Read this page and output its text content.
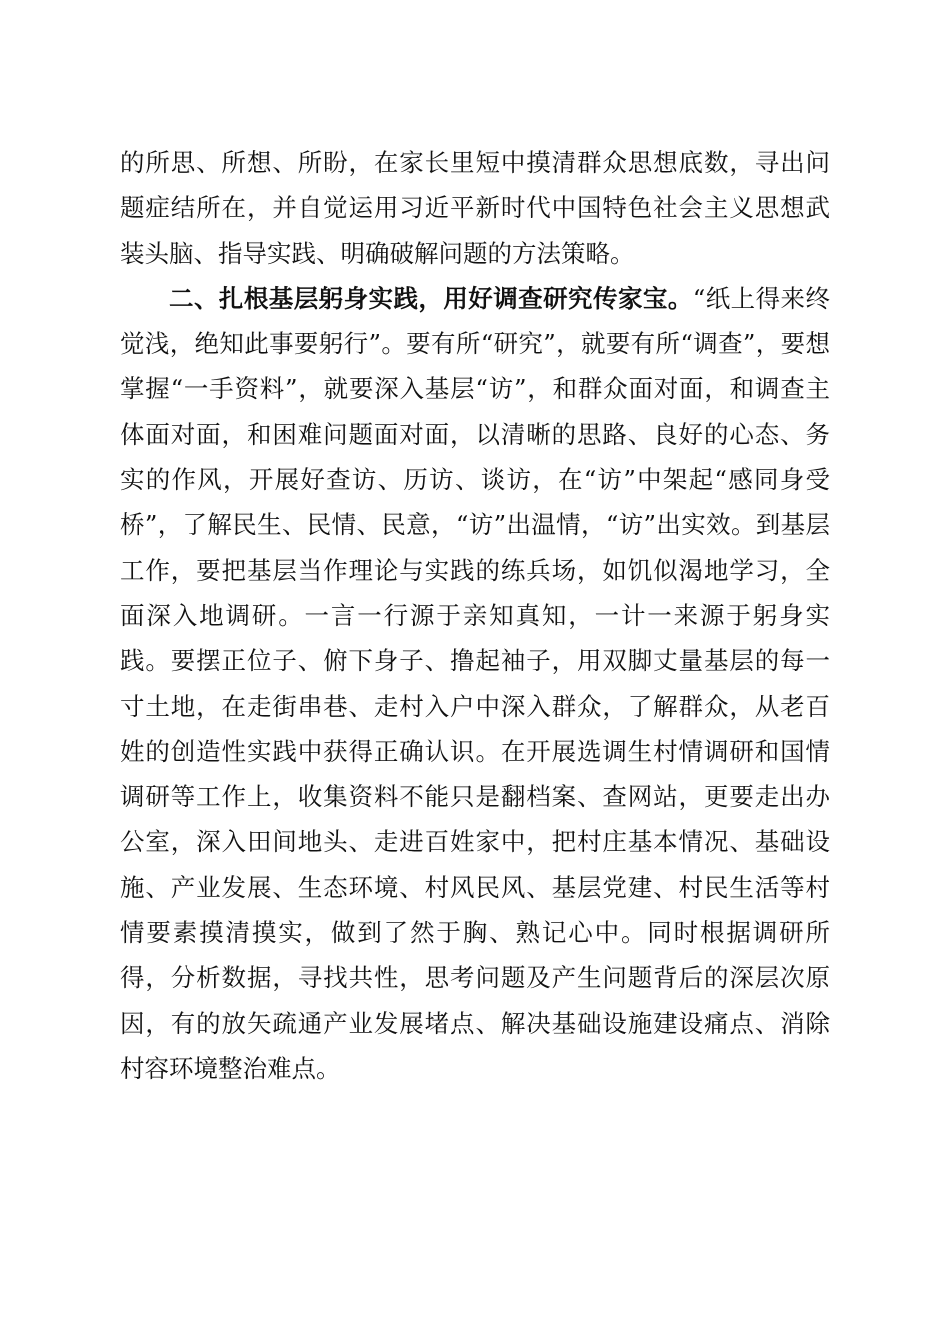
的所思、所想、所盼，在家长里短中摸清群众思想底数，寻出问题症结所在，并自觉运用习近平新时代中国特色社会主义思想武装头脑、指导实践、明确破解问题的方法策略。

二、扎根基层躬身实践，用好调查研究传家宝。“纸上得来终觉浅，绝知此事要躬行”。要有所“研究”，就要有所“调查”，要想掌握“一手资料”，就要深入基层“访”，和群众面对面，和调查主体面对面，和困难问题面对面，以清晰的思路、良好的心态、务实的作风，开展好查访、历访、谈访，在“访”中架起“感同身受桥”，了解民生、民情、民意，“访”出温情，“访”出实效。到基层工作，要把基层当作理论与实践的练兵场，如饥似渴地学习，全面深入地调研。一言一行源于亲知真知，一计一来源于躬身实践。要摆正位子、俯下身子、撸起袖子，用双脚丈量基层的每一寸土地，在走街串巷、走村入户中深入群众，了解群众，从老百姓的创造性实践中获得正确认识。在开展选调生村情调研和国情调研等工作上，收集资料不能只是翻档案、查网站，更要走出办公室，深入田间地头、走进百姓家中，把村庄基本情况、基础设施、产业发展、生态环境、村风民风、基层党建、村民生活等村情要素摸清摸实，做到了然于胸、熟记心中。同时根据调研所得，分析数据，寻找共性，思考问题及产生问题背后的深层次原因，有的放矢疏通产业发展堵点、解决基础设施建设痛点、消除村容环境整治难点。
